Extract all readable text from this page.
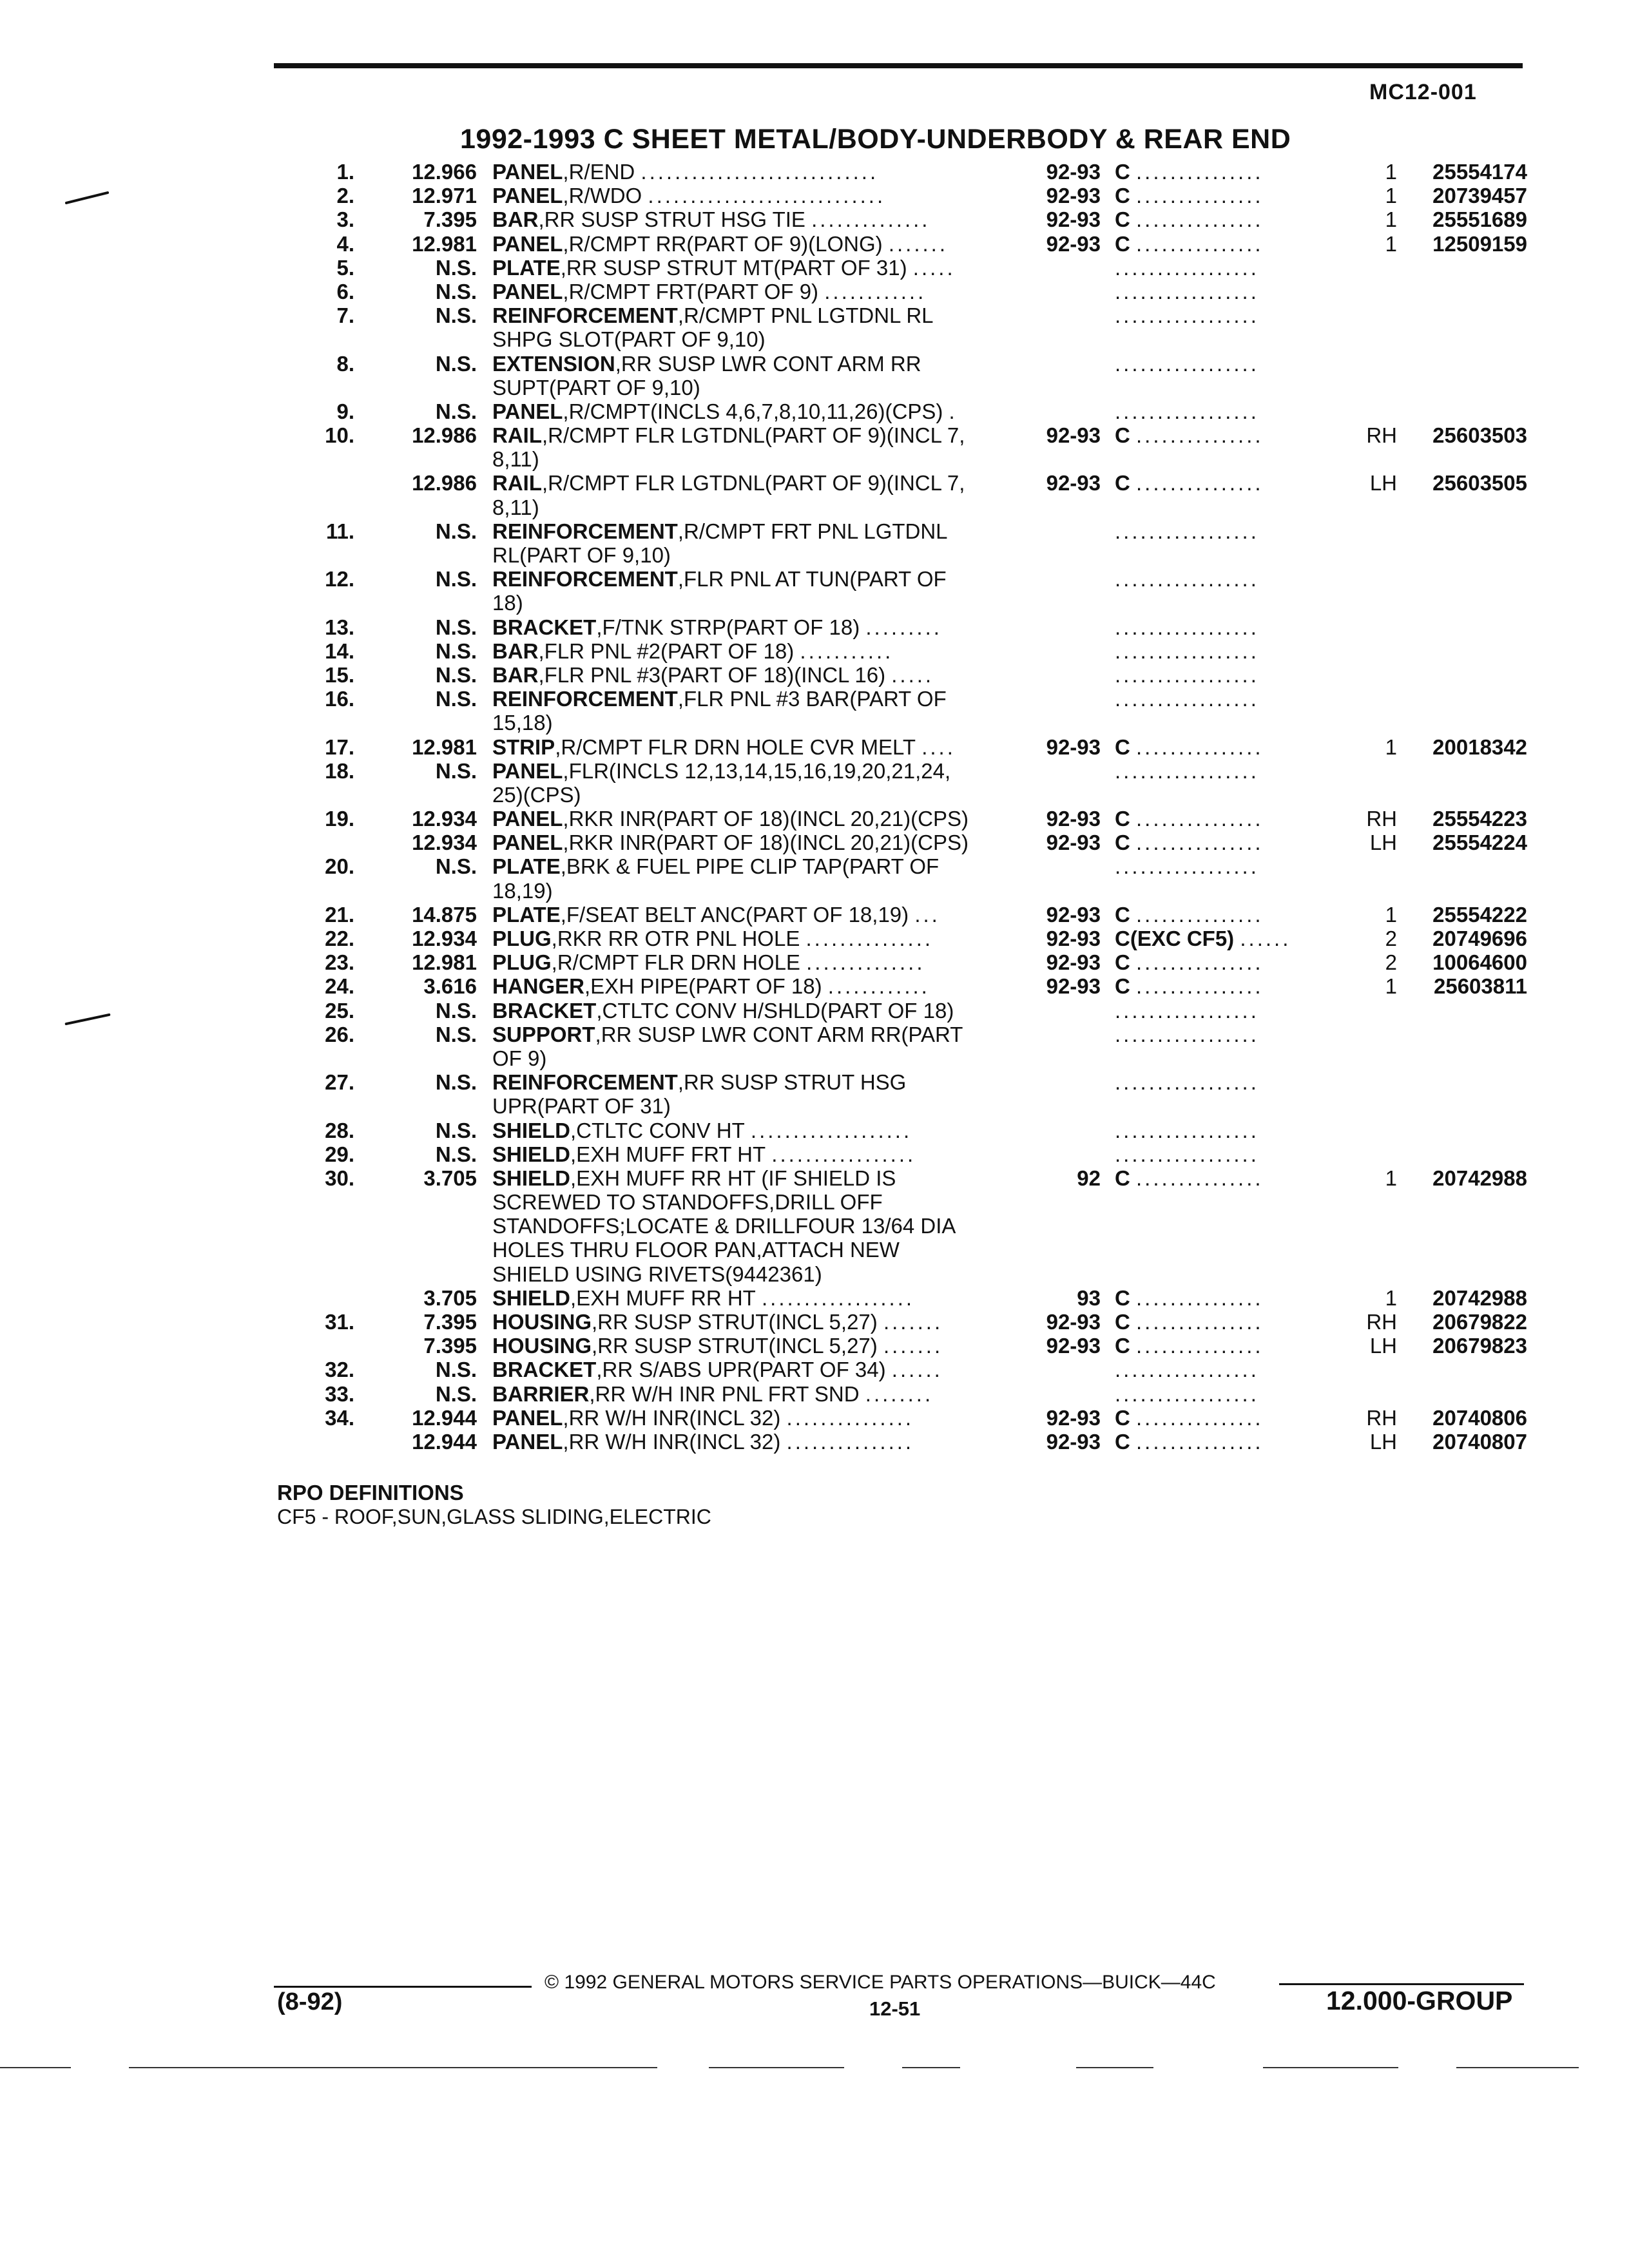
MC12-001
1992-1993 C SHEET METAL/BODY-UNDERBODY & REAR END
1.	12.966 PANEL,R/END ............................	92-93 C ...............	1	25554174
2.	12.971 PANEL,R/WDO ............................	92-93 C ...............	1	20739457
3.	7.395 BAR,RR SUSP STRUT HSG TIE ..............	92-93 C ...............	1	25551689
4.	12.981 PANEL,R/CMPT RR(PART OF 9)(LONG) .......	92-93 C ...............	1	12509159
5.	N.S. PLATE,RR SUSP STRUT MT(PART OF 31) .....	.................
6.	N.S. PANEL,R/CMPT FRT(PART OF 9) ............	.................
7.	N.S. REINFORCEMENT,R/CMPT PNL LGTDNL RL	.................
SHPG SLOT(PART OF 9,10)
8.	N.S. EXTENSION,RR SUSP LWR CONT ARM RR	.................
SUPT(PART OF 9,10)
9.	N.S. PANEL,R/CMPT(INCLS 4,6,7,8,10,11,26)(CPS) .	.................
10.	12.986 RAIL,R/CMPT FLR LGTDNL(PART OF 9)(INCL 7,	92-93 C ...............	RH	25603503
8,11)
12.986 RAIL,R/CMPT FLR LGTDNL(PART OF 9)(INCL 7,	92-93 C ...............	LH	25603505
8,11)
11.	N.S. REINFORCEMENT,R/CMPT FRT PNL LGTDNL	.................
RL(PART OF 9,10)
12.	N.S. REINFORCEMENT,FLR PNL AT TUN(PART OF	.................
18)
13.	N.S. BRACKET,F/TNK STRP(PART OF 18) .........	.................
14.	N.S. BAR,FLR PNL #2(PART OF 18) ...........	.................
15.	N.S. BAR,FLR PNL #3(PART OF 18)(INCL 16) .....	.................
16.	N.S. REINFORCEMENT,FLR PNL #3 BAR(PART OF	.................
15,18)
17.	12.981 STRIP,R/CMPT FLR DRN HOLE CVR MELT ....	92-93 C ...............	1	20018342
18.	N.S. PANEL,FLR(INCLS 12,13,14,15,16,19,20,21,24,	.................
25)(CPS)
19.	12.934 PANEL,RKR INR(PART OF 18)(INCL 20,21)(CPS)	92-93 C ...............	RH	25554223
12.934 PANEL,RKR INR(PART OF 18)(INCL 20,21)(CPS)	92-93 C ...............	LH	25554224
20.	N.S. PLATE,BRK & FUEL PIPE CLIP TAP(PART OF	.................
18,19)
21.	14.875 PLATE,F/SEAT BELT ANC(PART OF 18,19) ...	92-93 C ...............	1	25554222
22.	12.934 PLUG,RKR RR OTR PNL HOLE ...............	92-93 C(EXC CF5) ......	2	20749696
23.	12.981 PLUG,R/CMPT FLR DRN HOLE ..............	92-93 C ...............	2	10064600
24.	3.616 HANGER,EXH PIPE(PART OF 18) ............	92-93 C ...............	1	25603811
25.	N.S. BRACKET,CTLTC CONV H/SHLD(PART OF 18)	.................
26.	N.S. SUPPORT,RR SUSP LWR CONT ARM RR(PART	.................
OF 9)
27.	N.S. REINFORCEMENT,RR SUSP STRUT HSG	.................
UPR(PART OF 31)
28.	N.S. SHIELD,CTLTC CONV HT ...................	.................
29.	N.S. SHIELD,EXH MUFF FRT HT .................	.................
30.	3.705 SHIELD,EXH MUFF RR HT (IF SHIELD IS	92 C ...............	1	20742988
SCREWED TO STANDOFFS,DRILL OFF
STANDOFFS;LOCATE & DRILLFOUR 13/64 DIA
HOLES THRU FLOOR PAN,ATTACH NEW
SHIELD USING RIVETS(9442361)
3.705 SHIELD,EXH MUFF RR HT ..................	93 C ...............	1	20742988
31.	7.395 HOUSING,RR SUSP STRUT(INCL 5,27) .......	92-93 C ...............	RH	20679822
7.395 HOUSING,RR SUSP STRUT(INCL 5,27) .......	92-93 C ...............	LH	20679823
32.	N.S. BRACKET,RR S/ABS UPR(PART OF 34) ......	.................
33.	N.S. BARRIER,RR W/H INR PNL FRT SND ........	.................
34.	12.944 PANEL,RR W/H INR(INCL 32) ...............	92-93 C ...............	RH	20740806
12.944 PANEL,RR W/H INR(INCL 32) ...............	92-93 C ...............	LH	20740807
RPO DEFINITIONS
CF5 - ROOF,SUN,GLASS SLIDING,ELECTRIC
© 1992 GENERAL MOTORS SERVICE PARTS OPERATIONS—BUICK—44C
(8-92)	12-51	12.000-GROUP
